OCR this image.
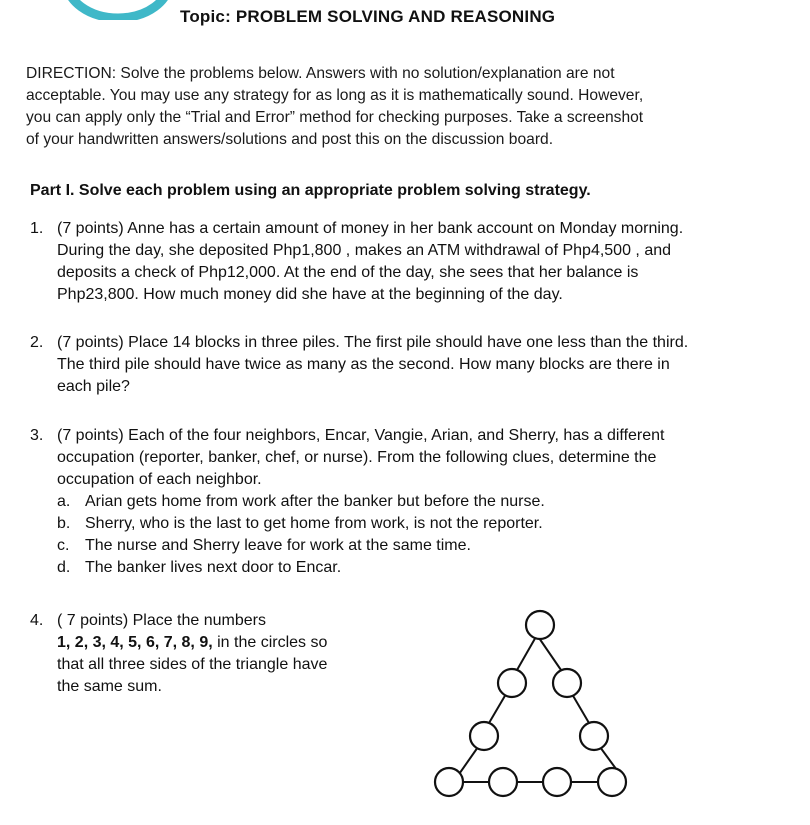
Topic: PROBLEM SOLVING AND REASONING
DIRECTION: Solve the problems below. Answers with no solution/explanation are not
acceptable. You may use any strategy for as long as it is mathematically sound. However,
you can apply only the “Trial and Error” method for checking purposes. Take a screenshot
of your handwritten answers/solutions and post this on the discussion board.
Part I. Solve each problem using an appropriate problem solving strategy.
1. (7 points) Anne has a certain amount of money in her bank account on Monday morning.
During the day, she deposited Php1,800 , makes an ATM withdrawal of Php4,500 , and
deposits a check of Php12,000. At the end of the day, she sees that her balance is
Php23,800. How much money did she have at the beginning of the day.
2. (7 points) Place 14 blocks in three piles. The first pile should have one less than the third.
The third pile should have twice as many as the second. How many blocks are there in
each pile?
3. (7 points) Each of the four neighbors, Encar, Vangie, Arian, and Sherry, has a different
occupation (reporter, banker, chef, or nurse). From the following clues, determine the
occupation of each neighbor.
a. Arian gets home from work after the banker but before the nurse.
b. Sherry, who is the last to get home from work, is not the reporter.
c. The nurse and Sherry leave for work at the same time.
d. The banker lives next door to Encar.
4. ( 7 points) Place the numbers
1, 2, 3, 4, 5, 6, 7, 8, 9, in the circles so
that all three sides of the triangle have
the same sum.
